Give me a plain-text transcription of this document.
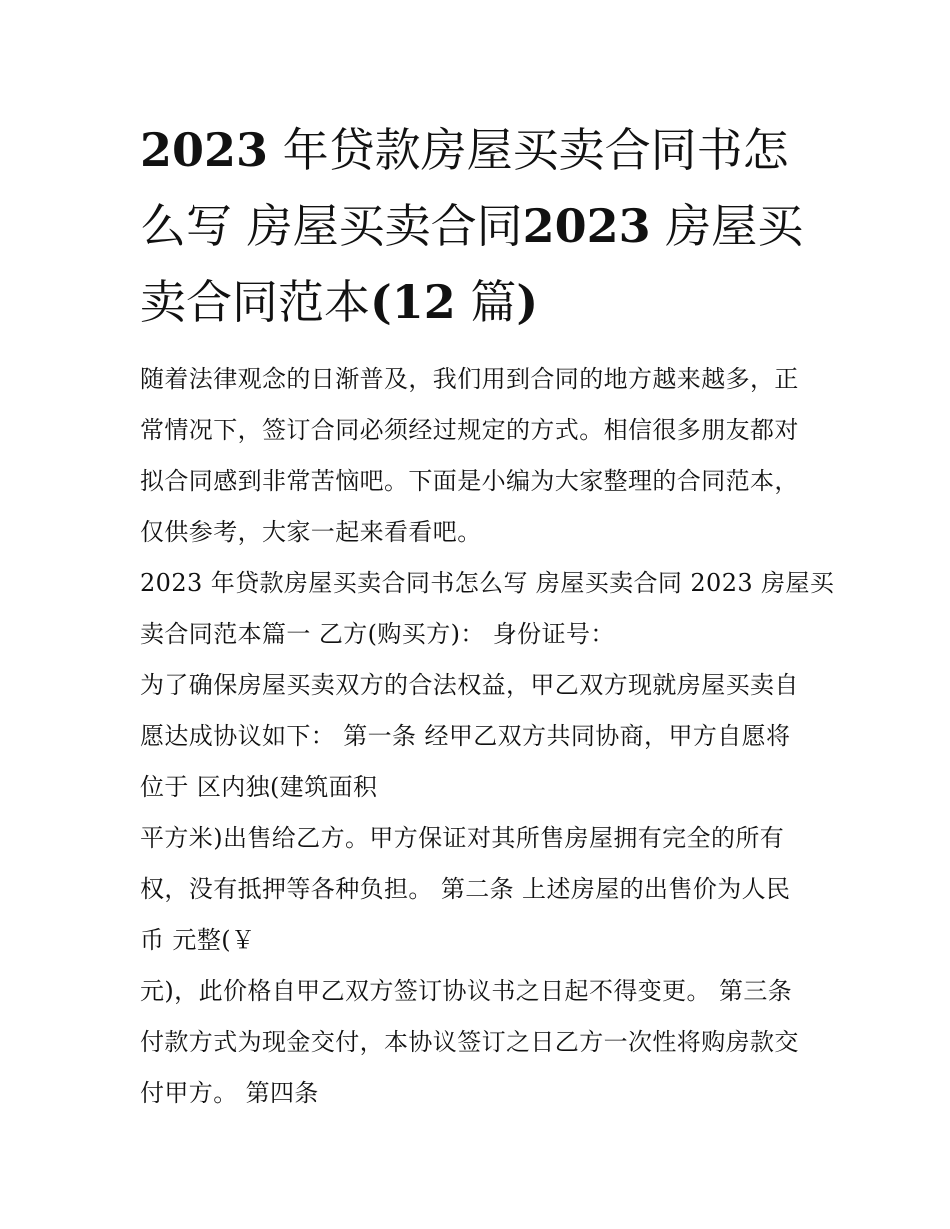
2023 年贷款房屋买卖合同书怎么写 房屋买卖合同2023 房屋买卖合同范本(12 篇)

随着法律观念的日渐普及，我们用到合同的地方越来越多，正
常情况下，签订合同必须经过规定的方式。相信很多朋友都对
拟合同感到非常苦恼吧。下面是小编为大家整理的合同范本，
仅供参考，大家一起来看看吧。

2023 年贷款房屋买卖合同书怎么写 房屋买卖合同 2023 房屋买
卖合同范本篇一 乙方(购买方)： 身份证号：

为了确保房屋买卖双方的合法权益，甲乙双方现就房屋买卖自
愿达成协议如下： 第一条 经甲乙双方共同协商，甲方自愿将
位于 区内独(建筑面积

平方米)出售给乙方。甲方保证对其所售房屋拥有完全的所有
权，没有抵押等各种负担。 第二条 上述房屋的出售价为人民
币 元整(￥

元)，此价格自甲乙双方签订协议书之日起不得变更。 第三条
付款方式为现金交付，本协议签订之日乙方一次性将购房款交
付甲方。 第四条
